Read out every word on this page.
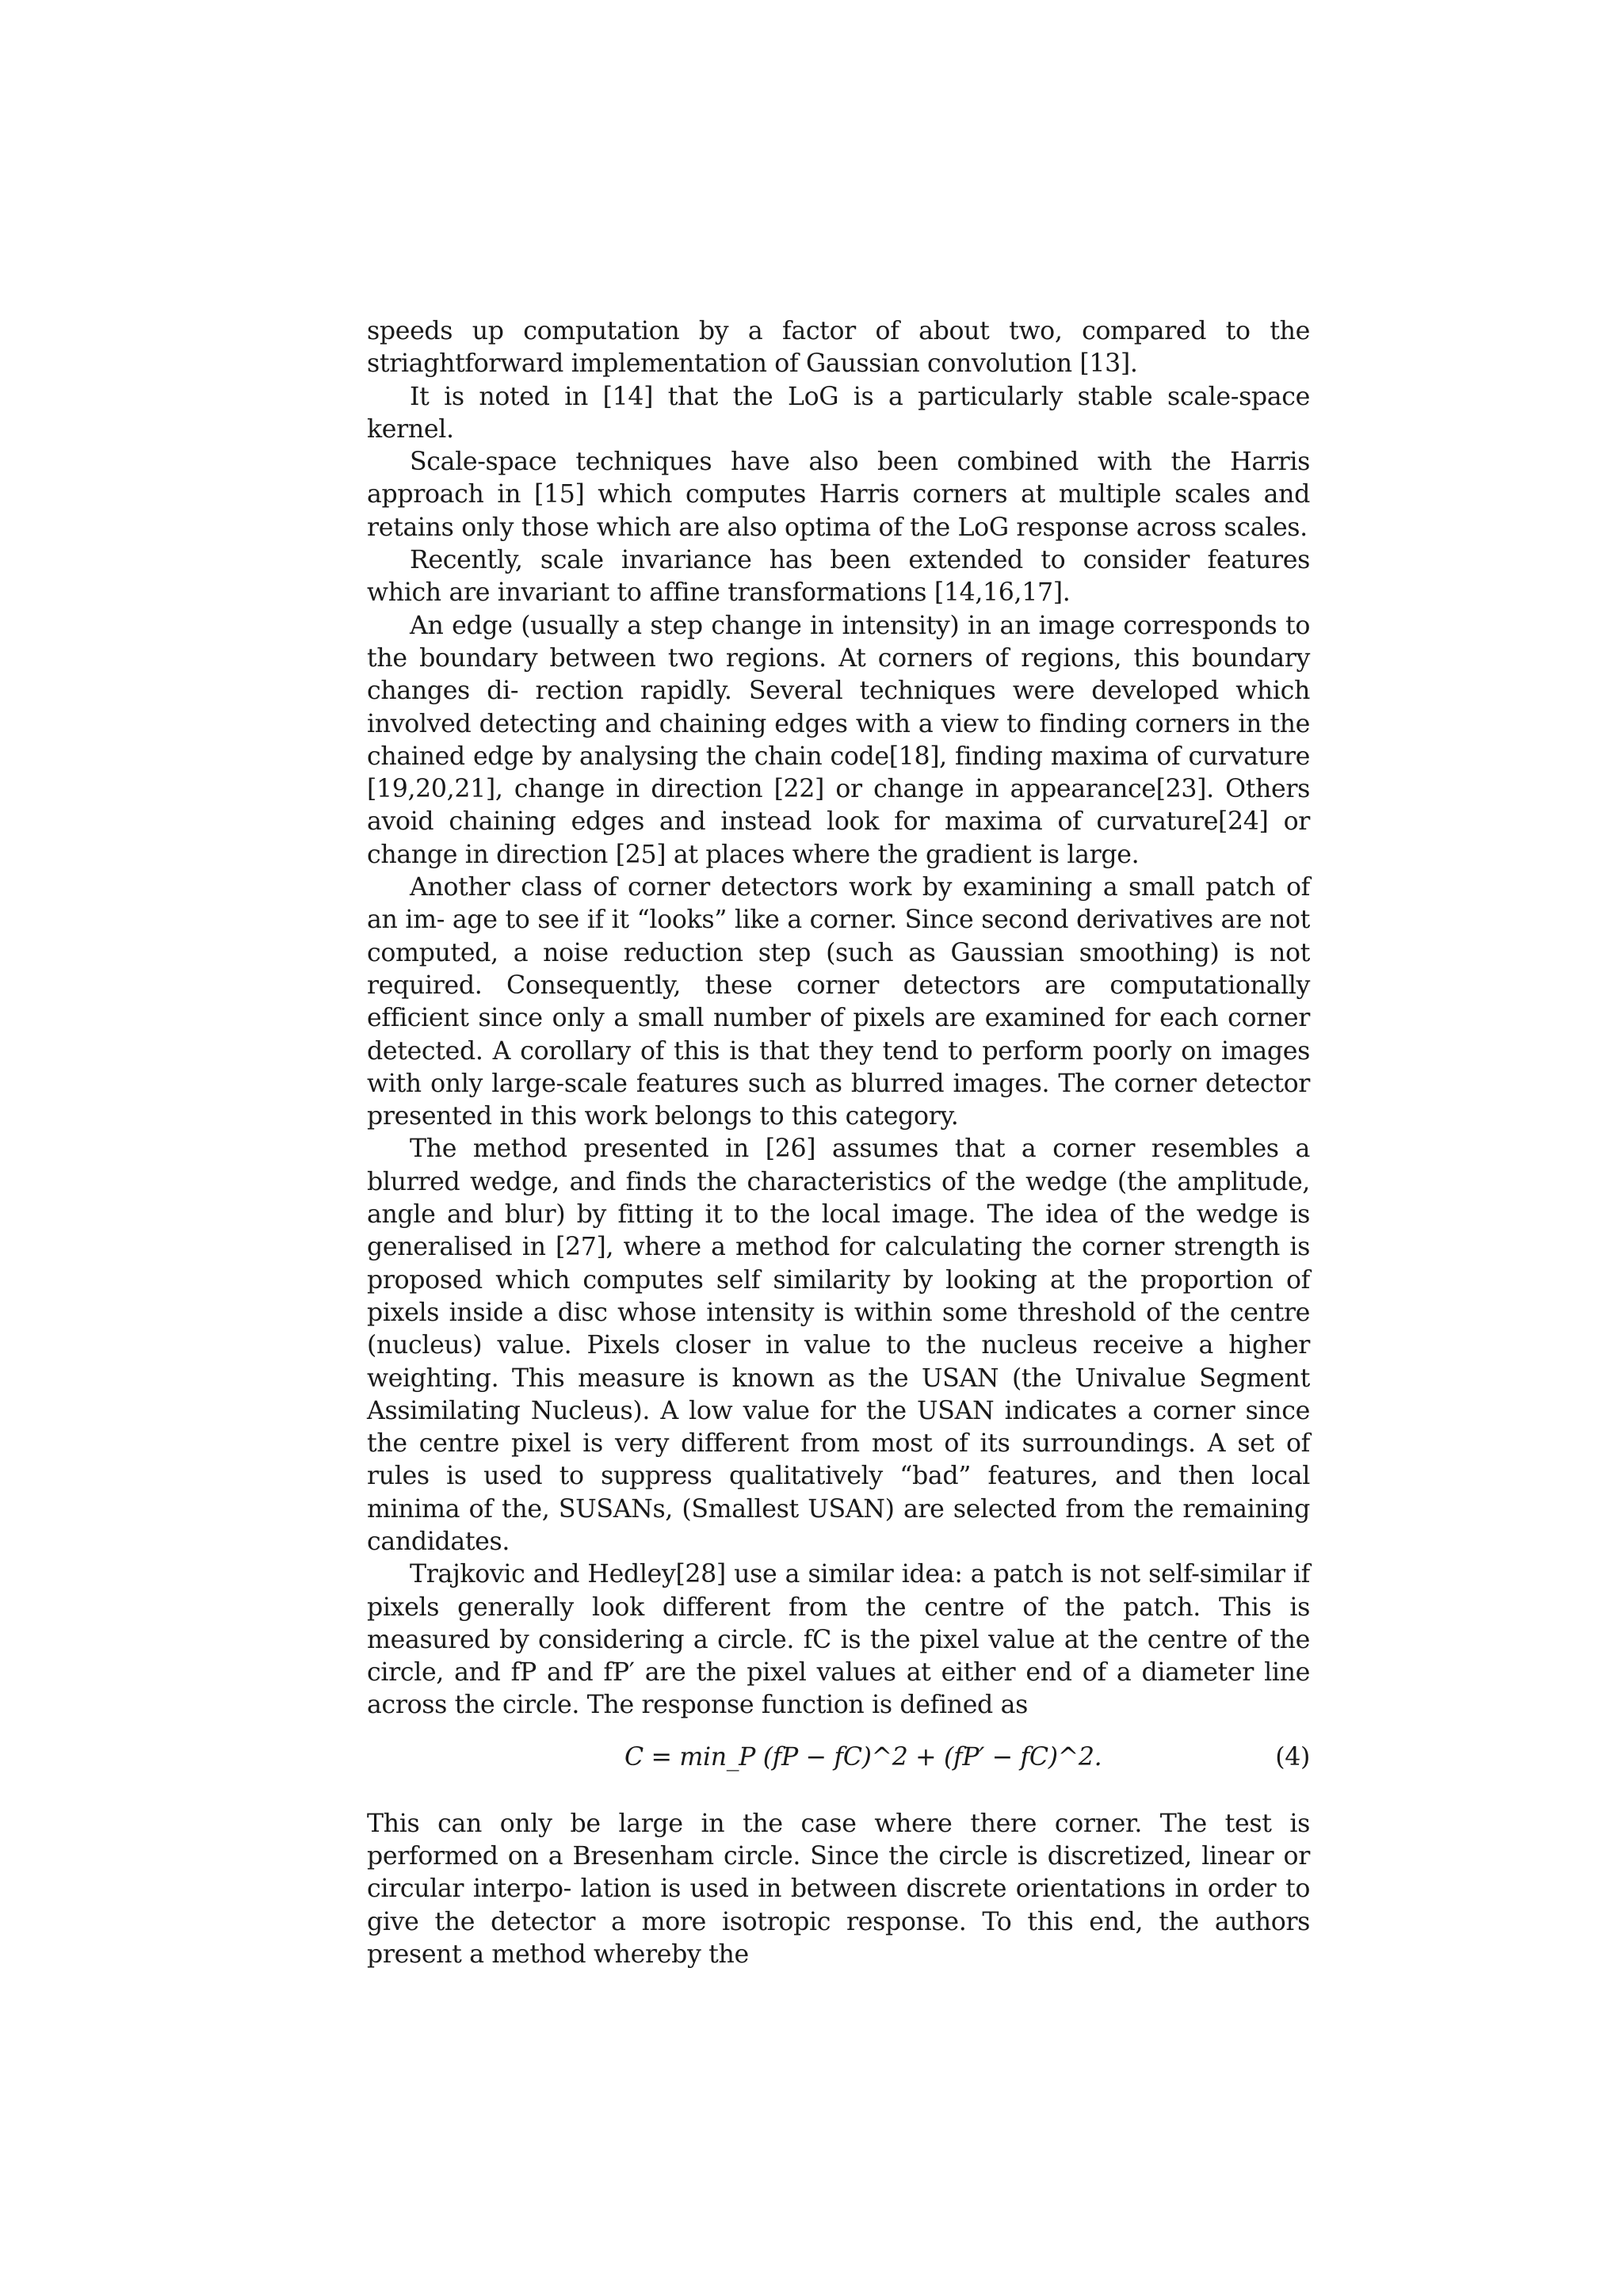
speeds up computation by a factor of about two, compared to the striaghtforward implementation of Gaussian convolution [13].

It is noted in [14] that the LoG is a particularly stable scale-space kernel.

Scale-space techniques have also been combined with the Harris approach in [15] which computes Harris corners at multiple scales and retains only those which are also optima of the LoG response across scales.

Recently, scale invariance has been extended to consider features which are invariant to affine transformations [14,16,17].

An edge (usually a step change in intensity) in an image corresponds to the boundary between two regions. At corners of regions, this boundary changes di- rection rapidly. Several techniques were developed which involved detecting and chaining edges with a view to finding corners in the chained edge by analysing the chain code[18], finding maxima of curvature [19,20,21], change in direction [22] or change in appearance[23]. Others avoid chaining edges and instead look for maxima of curvature[24] or change in direction [25] at places where the gradient is large.

Another class of corner detectors work by examining a small patch of an im- age to see if it “looks” like a corner. Since second derivatives are not computed, a noise reduction step (such as Gaussian smoothing) is not required. Consequently, these corner detectors are computationally efficient since only a small number of pixels are examined for each corner detected. A corollary of this is that they tend to perform poorly on images with only large-scale features such as blurred images. The corner detector presented in this work belongs to this category.

The method presented in [26] assumes that a corner resembles a blurred wedge, and finds the characteristics of the wedge (the amplitude, angle and blur) by fitting it to the local image. The idea of the wedge is generalised in [27], where a method for calculating the corner strength is proposed which computes self similarity by looking at the proportion of pixels inside a disc whose intensity is within some threshold of the centre (nucleus) value. Pixels closer in value to the nucleus receive a higher weighting. This measure is known as the USAN (the Univalue Segment Assimilating Nucleus). A low value for the USAN indicates a corner since the centre pixel is very different from most of its surroundings. A set of rules is used to suppress qualitatively “bad” features, and then local minima of the, SUSANs, (Smallest USAN) are selected from the remaining candidates.

Trajkovic and Hedley[28] use a similar idea: a patch is not self-similar if pixels generally look different from the centre of the patch. This is measured by considering a circle. fC is the pixel value at the centre of the circle, and fP and fP′ are the pixel values at either end of a diameter line across the circle. The response function is defined as

C = min_P (fP − fC)^2 + (fP′ − fC)^2.	(4)

This can only be large in the case where there corner. The test is performed on a Bresenham circle. Since the circle is discretized, linear or circular interpo- lation is used in between discrete orientations in order to give the detector a more isotropic response. To this end, the authors present a method whereby the
